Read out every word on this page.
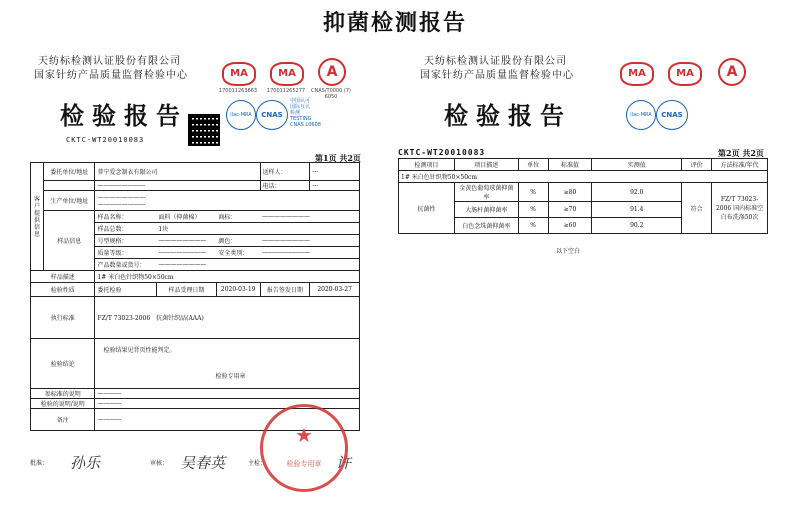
抑菌检测报告
天纺标检测认证股份有限公司
国家针纺产品质量监督检验中心
检验报告
CKTC-WT20010083
MA
170011263663
MA
170011265277
A
CNAS/T0000 (7) 6050
ilac-MRA	CNAS
中国认可
国际互认
检测
TESTING
CNAS L0608
第1页 共2页
客户提供信息	委托单位/地址	普宁爱念制衣有限公司			送样人：	---
		————————			电话：	---
	生产单位/地址	————————
————————				

	样品信息	样品名称：	面料（抑菌棉）	商标：	————————	
		样品总数：	1块			
		号型规格：	————————	颜色：	————————	
		质量等级：	————————	安全类别：	————————	
		产品数量或货号：	————————			
样品描述		1# 米白色针织物50×50cm				
检验性质		委托检验	样品受理日期	2020-03-19	报告签发日期	2020-03-27
执行标准		FZ/T 73023-2006　抗菌针织品(AAA)				
检验结论		检验结果见背页性能判定。
检验专用章				

参标准的说明		————				
检验的说明/说明		————				
备注		————				
批准： 孙乐	审核： 吴春英	主检：	许
★
检验专用章
天纺标检测认证股份有限公司
国家针纺产品质量监督检验中心
检验报告
MA	MA	A
ilac-MRA	CNAS
CKTC-WT20010083	第2页 共2页
检测项目	项目描述	单位	标准值	实测值	评价	方法标准/年代
1# 米白色针织物50×50cm						
抗菌性	金黄色葡萄球菌抑菌率	%	≥80	92.0	符合	FZ/T 73023-2006 国内标准空白布洗涤50次
	大肠杆菌抑菌率	%	≥70	91.4		
	白色念珠菌抑菌率	%	≥60	90.2		
以下空白
